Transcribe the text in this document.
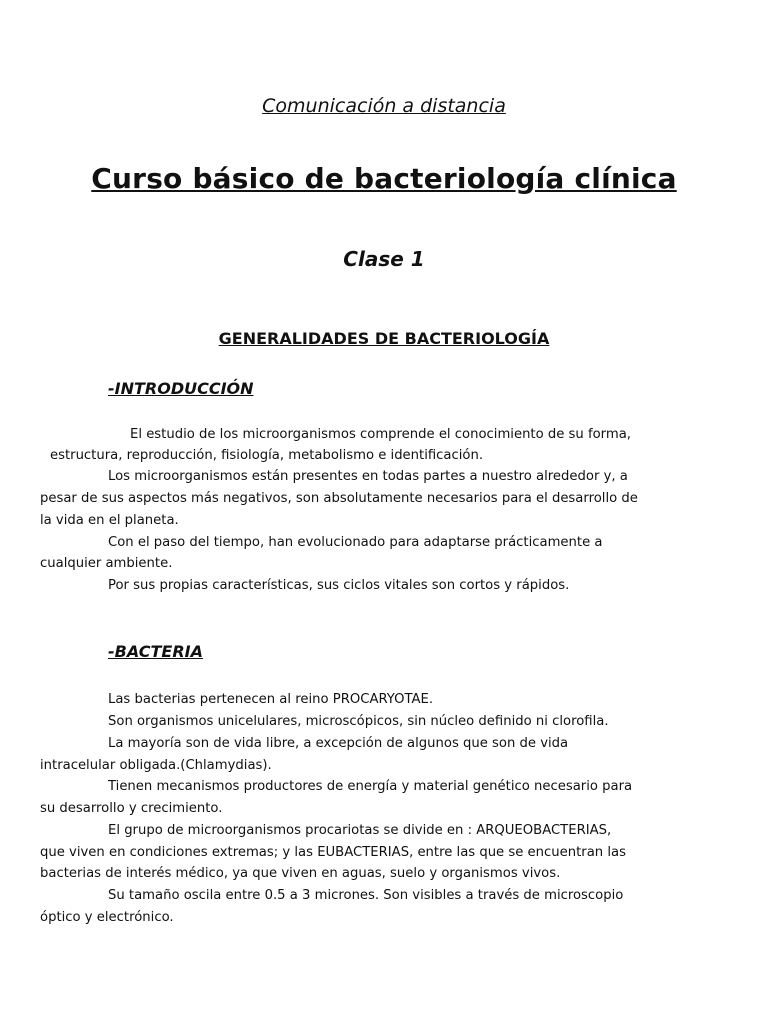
Comunicación a distancia
Curso básico de bacteriología clínica
Clase 1
GENERALIDADES DE BACTERIOLOGÍA
-INTRODUCCIÓN
El estudio de los microorganismos comprende el conocimiento de su forma,
estructura, reproducción, fisiología, metabolismo e identificación.
Los microorganismos están presentes en todas partes a nuestro alrededor y, a
pesar de sus aspectos más negativos, son absolutamente necesarios para el desarrollo de
la vida en el planeta.
Con el paso del tiempo, han evolucionado para adaptarse prácticamente a
cualquier ambiente.
Por sus propias características, sus ciclos vitales son cortos y rápidos.
-BACTERIA
Las bacterias pertenecen al reino PROCARYOTAE.
Son organismos unicelulares, microscópicos, sin núcleo definido ni clorofila.
La mayoría son de vida libre, a excepción de algunos que son de vida
intracelular obligada.(Chlamydias).
Tienen mecanismos productores de energía y material genético necesario para
su desarrollo y crecimiento.
El grupo de microorganismos procariotas se divide en : ARQUEOBACTERIAS,
que viven en condiciones extremas; y las EUBACTERIAS, entre las que se encuentran las
bacterias de interés médico, ya que viven en aguas, suelo y organismos vivos.
Su tamaño oscila entre 0.5 a 3 micrones. Son visibles a través de microscopio
óptico y electrónico.
